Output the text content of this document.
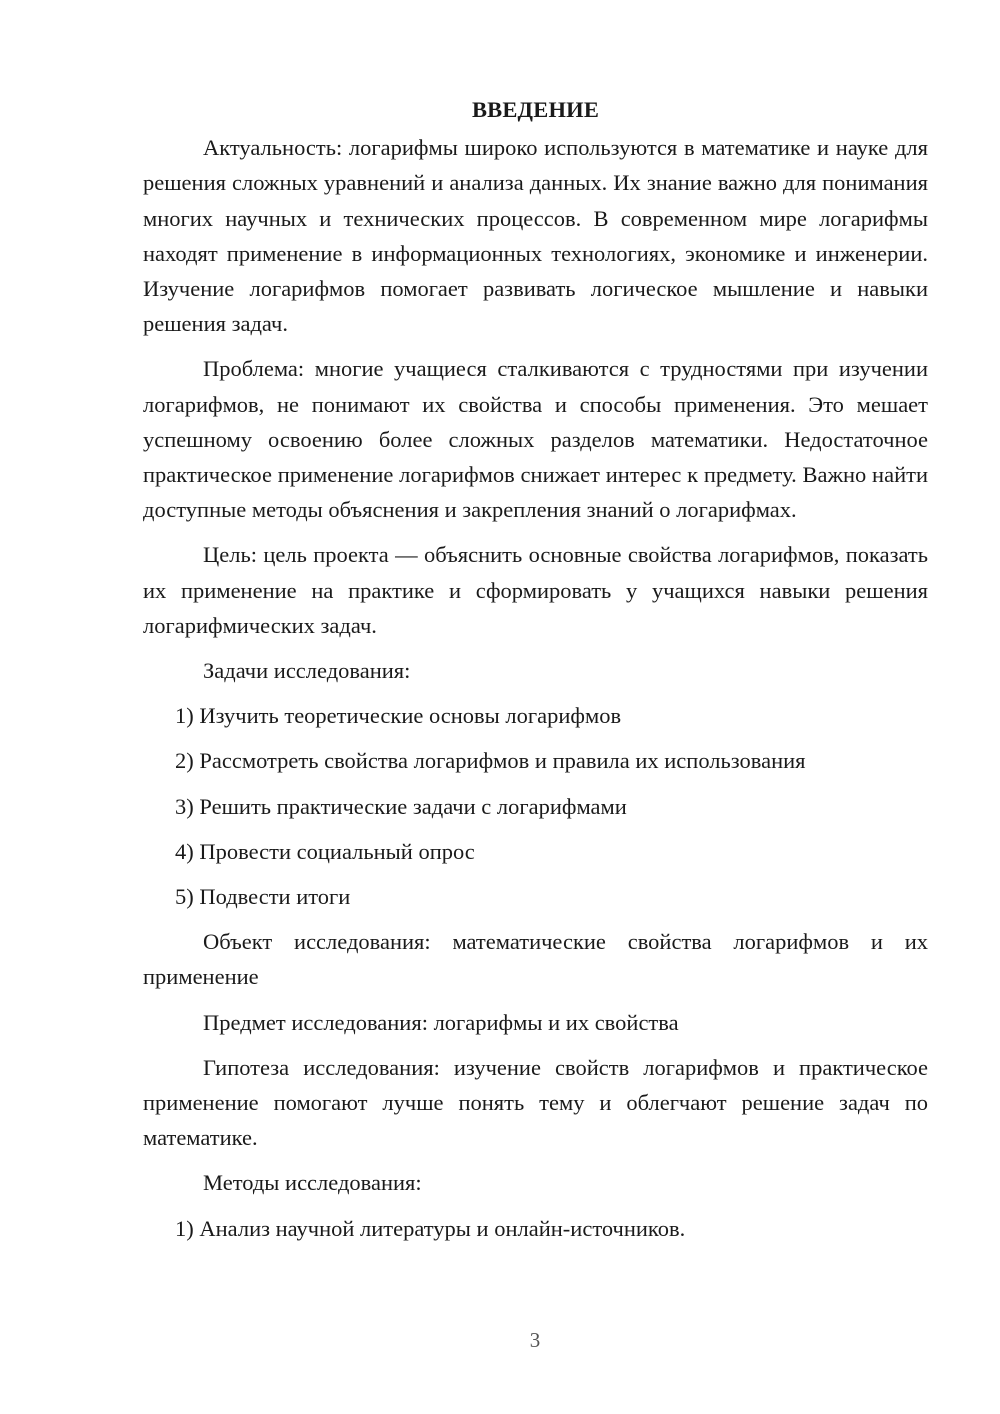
ВВЕДЕНИЕ

Актуальность: логарифмы широко используются в математике и науке для решения сложных уравнений и анализа данных. Их знание важно для понимания многих научных и технических процессов. В современном мире логарифмы находят применение в информационных технологиях, экономике и инженерии. Изучение логарифмов помогает развивать логическое мышление и навыки решения задач.

Проблема: многие учащиеся сталкиваются с трудностями при изучении логарифмов, не понимают их свойства и способы применения. Это мешает успешному освоению более сложных разделов математики. Недостаточное практическое применение логарифмов снижает интерес к предмету. Важно найти доступные методы объяснения и закрепления знаний о логарифмах.

Цель: цель проекта — объяснить основные свойства логарифмов, показать их применение на практике и сформировать у учащихся навыки решения логарифмических задач.

Задачи исследования:

1) Изучить теоретические основы логарифмов
2) Рассмотреть свойства логарифмов и правила их использования
3) Решить практические задачи с логарифмами
4) Провести социальный опрос
5) Подвести итоги

Объект исследования: математические свойства логарифмов и их применение

Предмет исследования: логарифмы и их свойства

Гипотеза исследования: изучение свойств логарифмов и практическое применение помогают лучше понять тему и облегчают решение задач по математике.

Методы исследования:

1) Анализ научной литературы и онлайн-источников.
3
